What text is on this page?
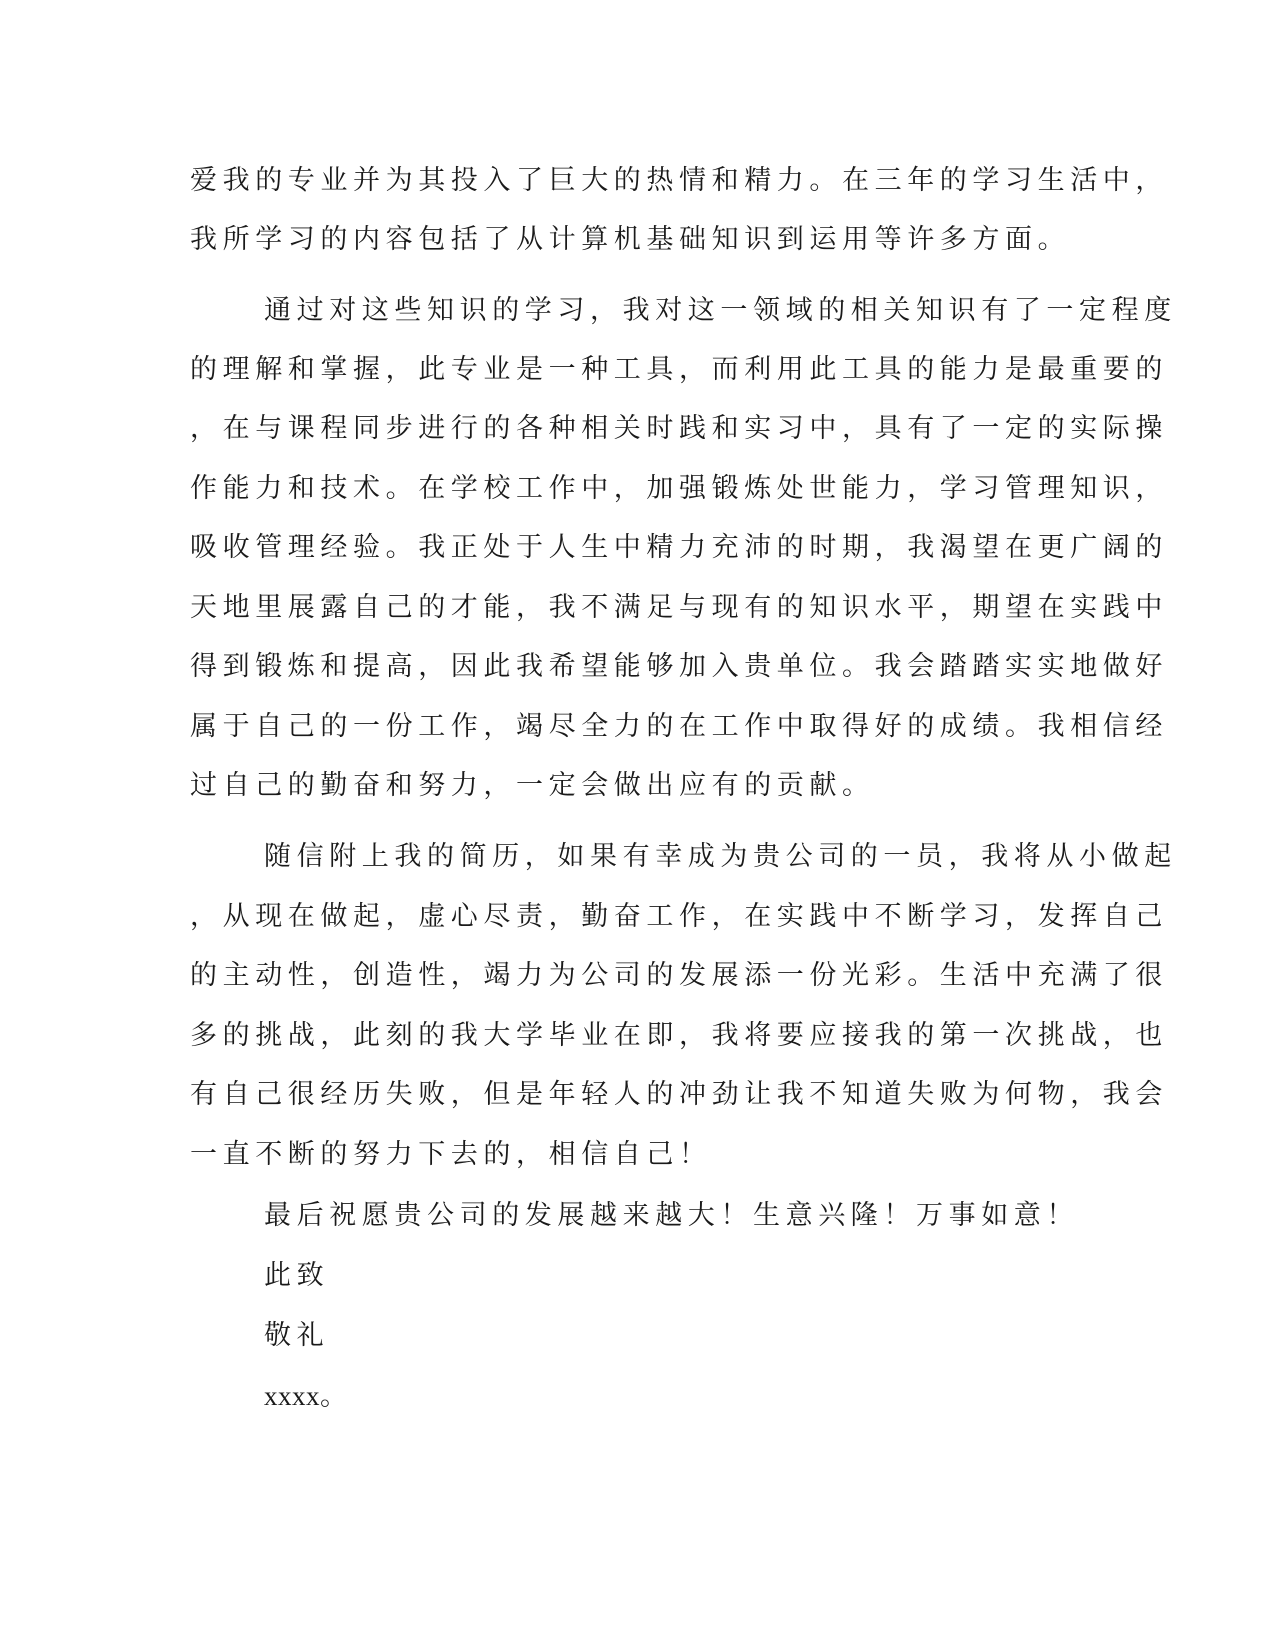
爱我的专业并为其投入了巨大的热情和精力。在三年的学习生活中，
我所学习的内容包括了从计算机基础知识到运用等许多方面。
通过对这些知识的学习，我对这一领域的相关知识有了一定程度
的理解和掌握，此专业是一种工具，而利用此工具的能力是最重要的
，在与课程同步进行的各种相关时践和实习中，具有了一定的实际操
作能力和技术。在学校工作中，加强锻炼处世能力，学习管理知识，
吸收管理经验。我正处于人生中精力充沛的时期，我渴望在更广阔的
天地里展露自己的才能，我不满足与现有的知识水平，期望在实践中
得到锻炼和提高，因此我希望能够加入贵单位。我会踏踏实实地做好
属于自己的一份工作，竭尽全力的在工作中取得好的成绩。我相信经
过自己的勤奋和努力，一定会做出应有的贡献。
随信附上我的简历，如果有幸成为贵公司的一员，我将从小做起
，从现在做起，虚心尽责，勤奋工作，在实践中不断学习，发挥自己
的主动性，创造性，竭力为公司的发展添一份光彩。生活中充满了很
多的挑战，此刻的我大学毕业在即，我将要应接我的第一次挑战，也
有自己很经历失败，但是年轻人的冲劲让我不知道失败为何物，我会
一直不断的努力下去的，相信自己！
最后祝愿贵公司的发展越来越大！生意兴隆！万事如意！
此致
敬礼
xxxx。
